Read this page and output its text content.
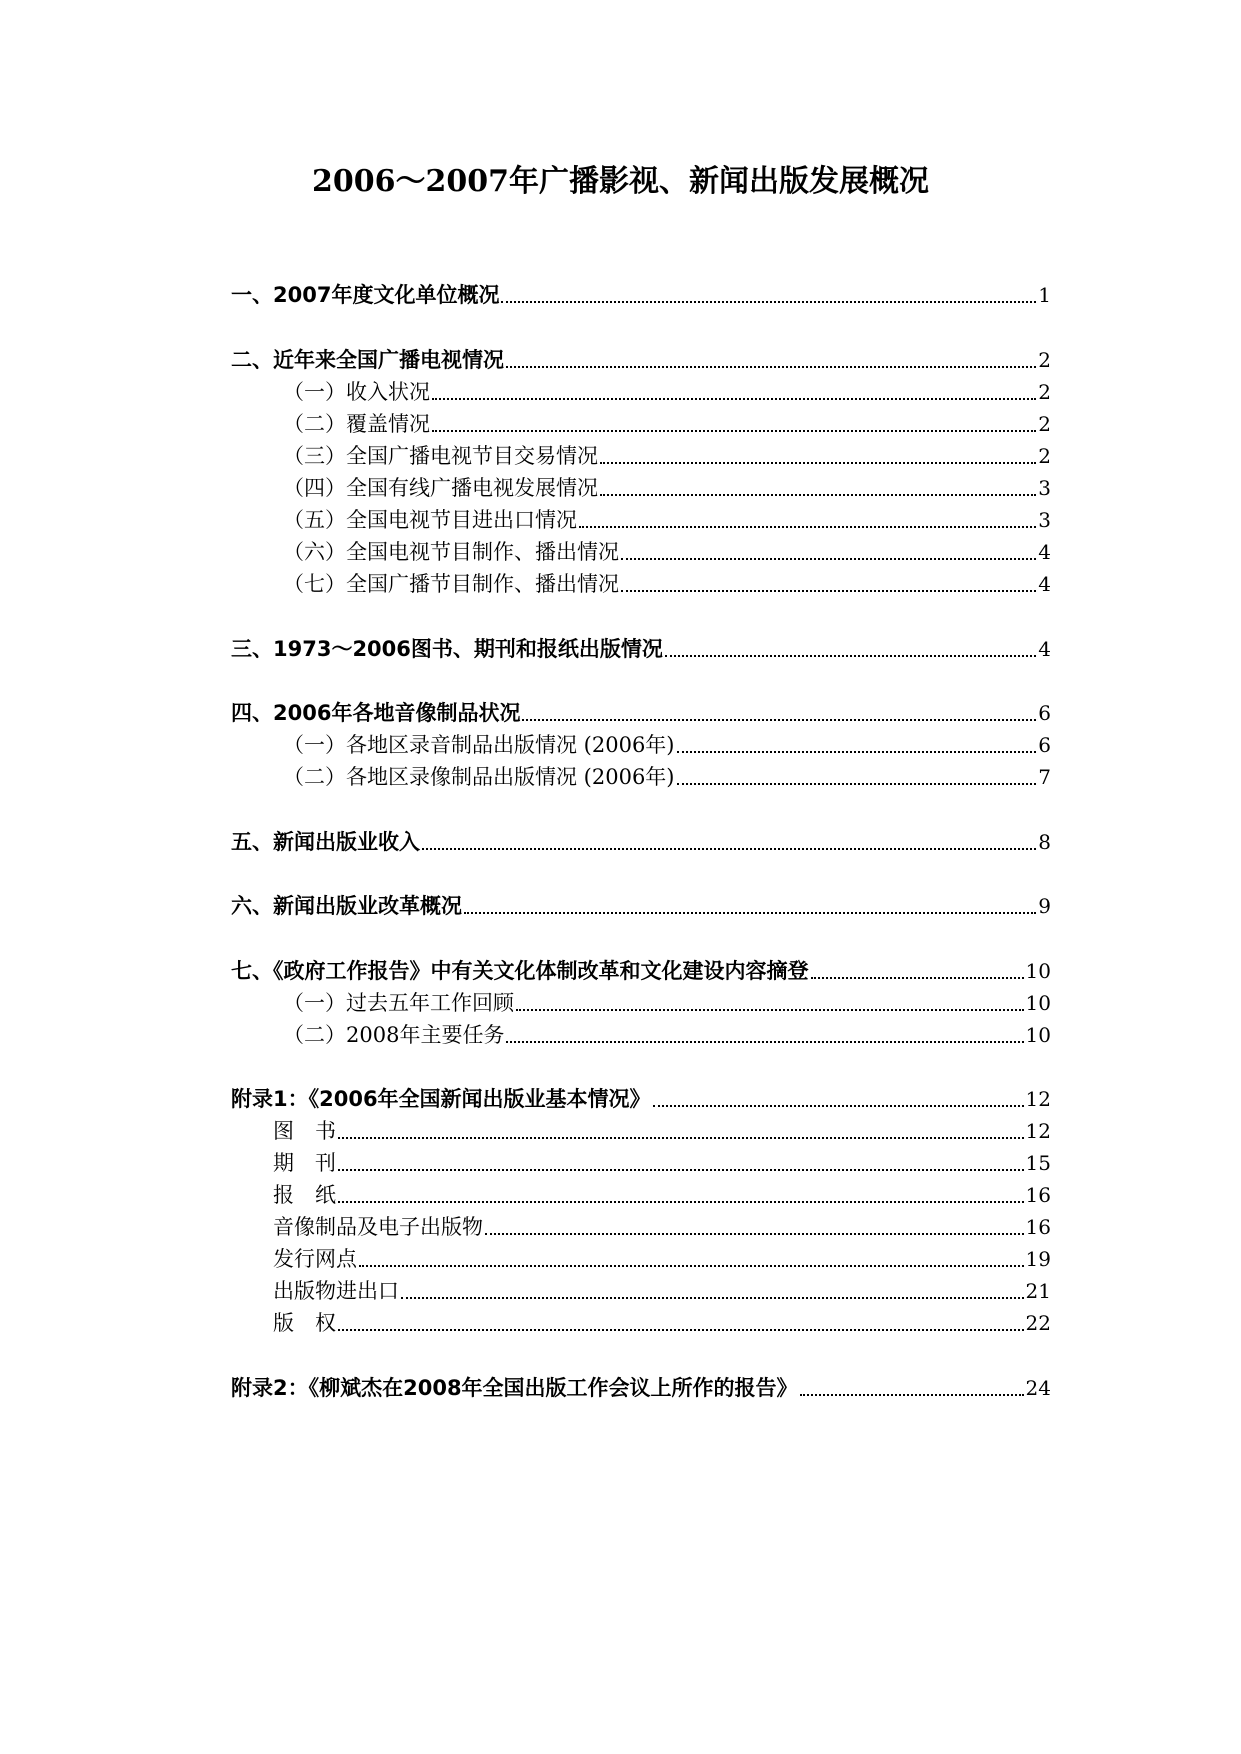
2006～2007年广播影视、新闻出版发展概况
一、2007年度文化单位概况	1
二、近年来全国广播电视情况	2
（一）收入状况	2
（二）覆盖情况	2
（三）全国广播电视节目交易情况	2
（四）全国有线广播电视发展情况	3
（五）全国电视节目进出口情况	3
（六）全国电视节目制作、播出情况	4
（七）全国广播节目制作、播出情况	4
三、1973～2006图书、期刊和报纸出版情况	4
四、2006年各地音像制品状况	6
（一）各地区录音制品出版情况 (2006年)	6
（二）各地区录像制品出版情况 (2006年)	7
五、新闻出版业收入	8
六、新闻出版业改革概况	9
七、《政府工作报告》中有关文化体制改革和文化建设内容摘登	10
（一）过去五年工作回顾	10
（二）2008年主要任务	10
附录1：《2006年全国新闻出版业基本情况》	12
图　书	12
期　刊	15
报　纸	16
音像制品及电子出版物	16
发行网点	19
出版物进出口	21
版　权	22
附录2：《柳斌杰在2008年全国出版工作会议上所作的报告》	24
